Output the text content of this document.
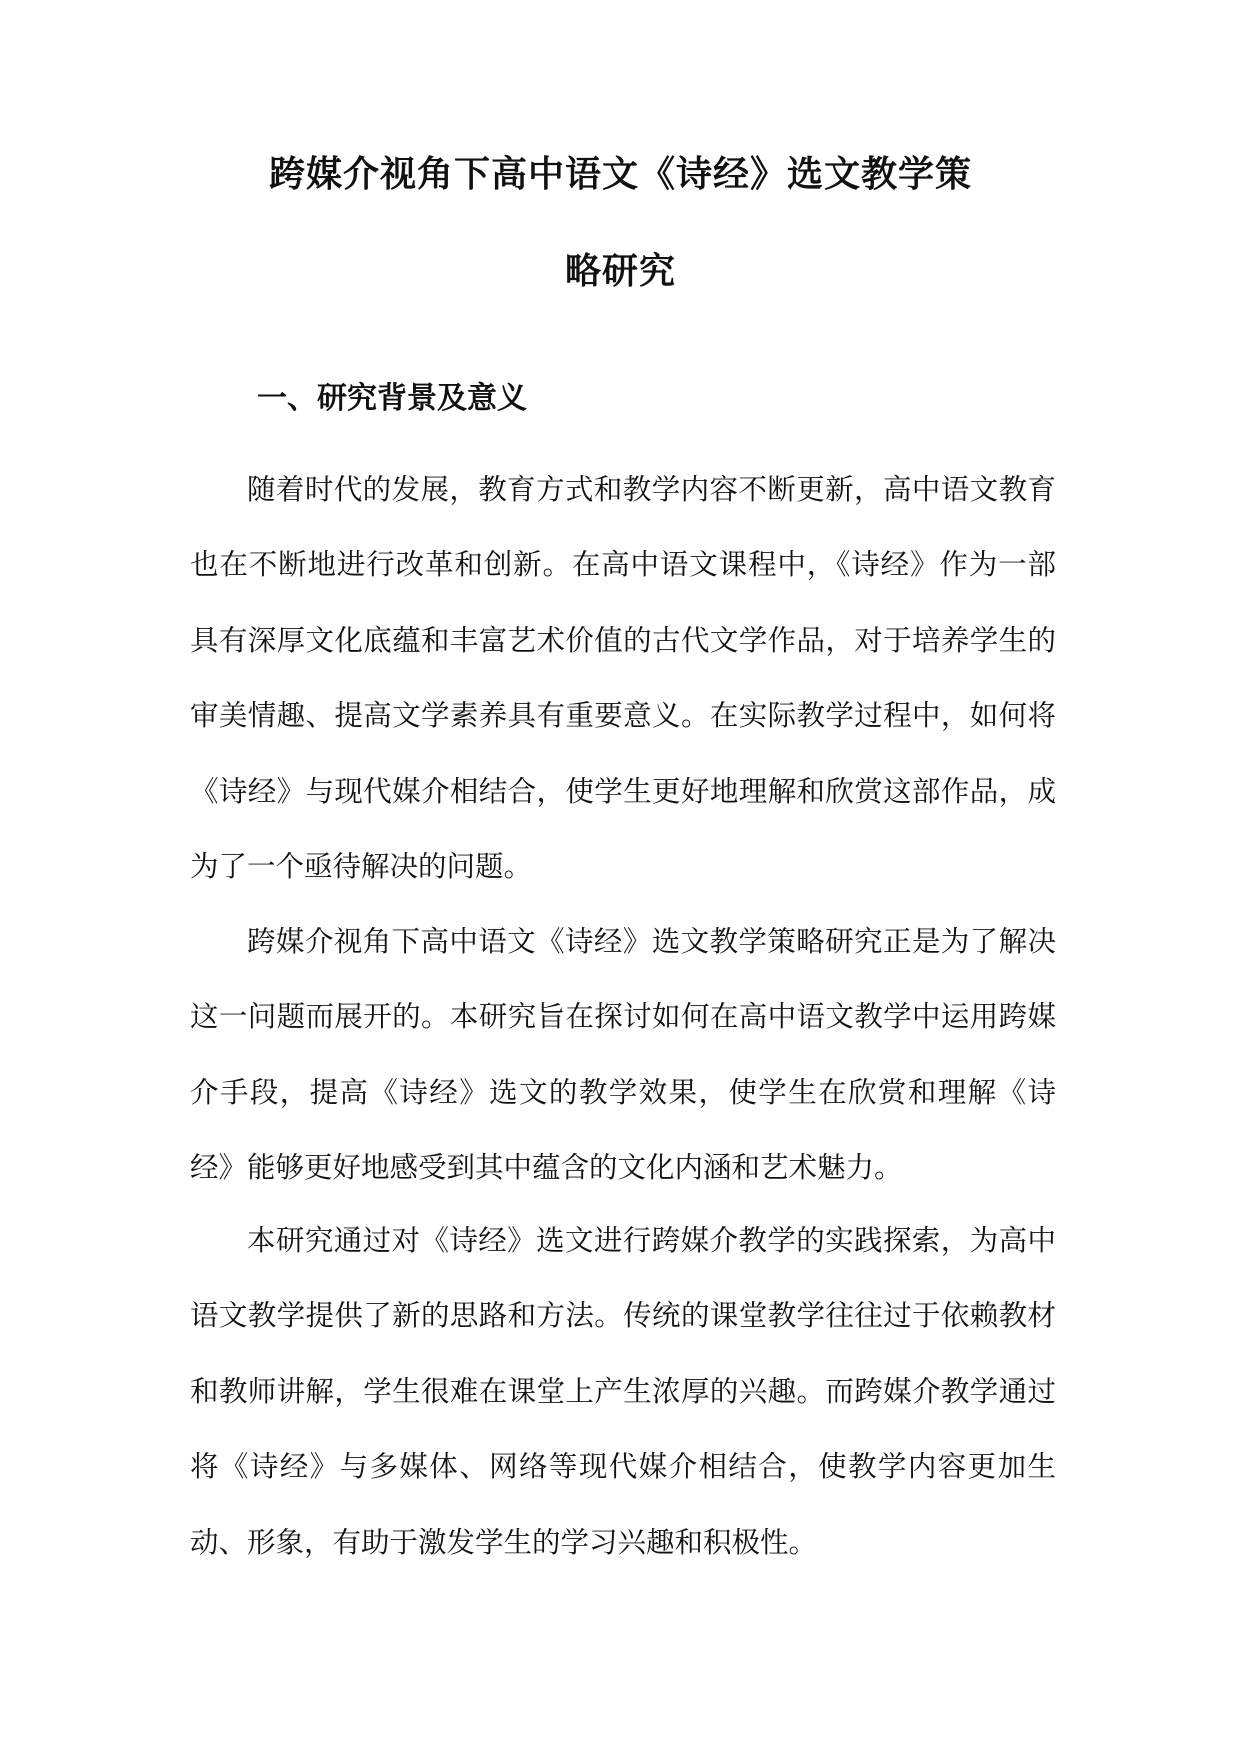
跨媒介视角下高中语文《诗经》选文教学策
略研究
一、研究背景及意义

随着时代的发展，教育方式和教学内容不断更新，高中语文教育也在不断地进行改革和创新。在高中语文课程中，《诗经》作为一部具有深厚文化底蕴和丰富艺术价值的古代文学作品，对于培养学生的审美情趣、提高文学素养具有重要意义。在实际教学过程中，如何将《诗经》与现代媒介相结合，使学生更好地理解和欣赏这部作品，成为了一个亟待解决的问题。

跨媒介视角下高中语文《诗经》选文教学策略研究正是为了解决这一问题而展开的。本研究旨在探讨如何在高中语文教学中运用跨媒介手段，提高《诗经》选文的教学效果，使学生在欣赏和理解《诗经》能够更好地感受到其中蕴含的文化内涵和艺术魅力。

本研究通过对《诗经》选文进行跨媒介教学的实践探索，为高中语文教学提供了新的思路和方法。传统的课堂教学往往过于依赖教材和教师讲解，学生很难在课堂上产生浓厚的兴趣。而跨媒介教学通过将《诗经》与多媒体、网络等现代媒介相结合，使教学内容更加生动、形象，有助于激发学生的学习兴趣和积极性。
